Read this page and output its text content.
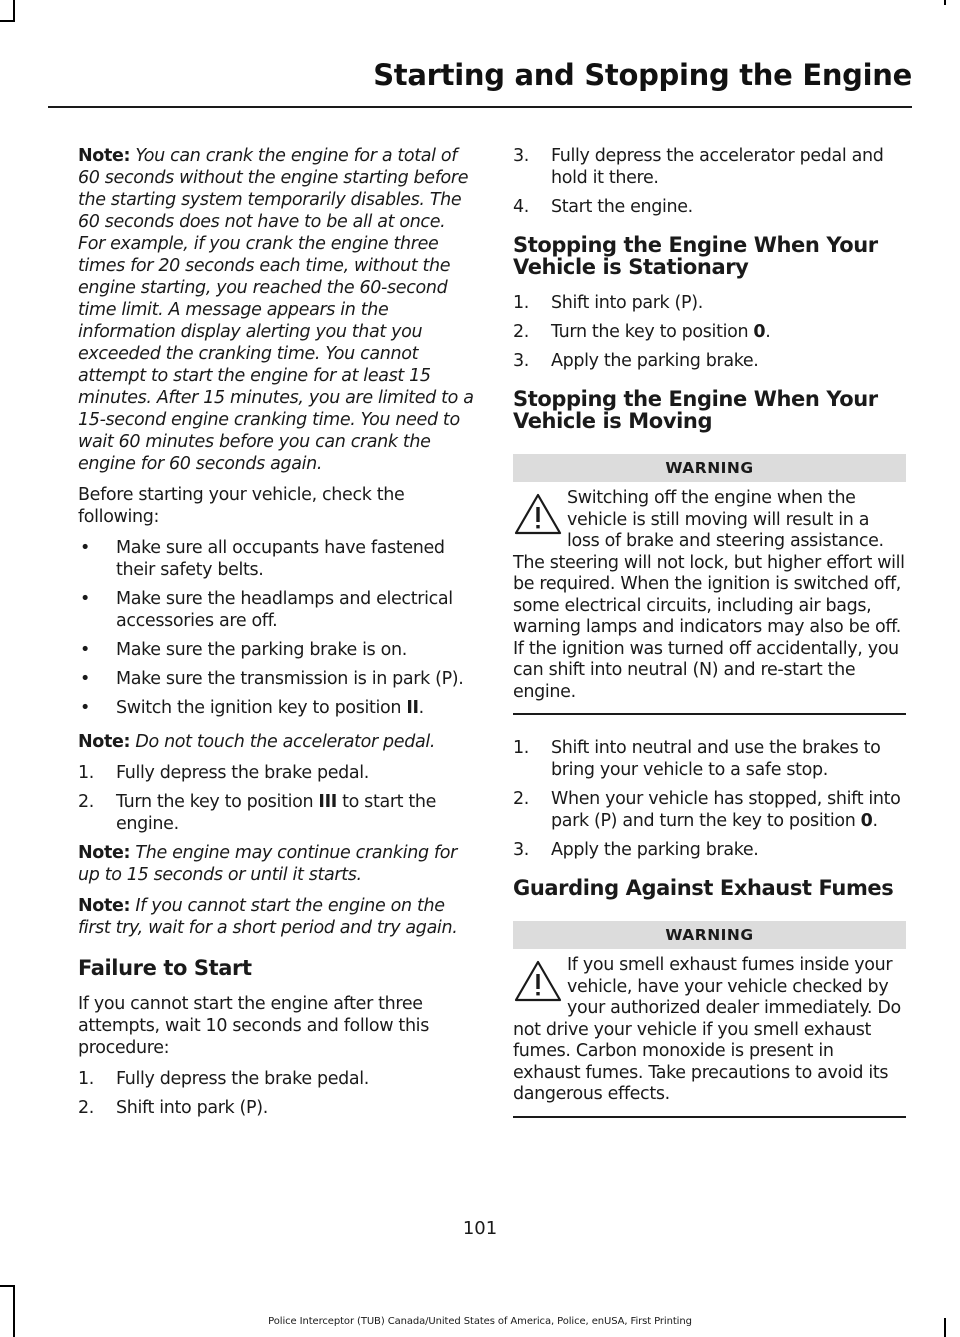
Starting and Stopping the Engine

Note: You can crank the engine for a total of 60 seconds without the engine starting before the starting system temporarily disables. The 60 seconds does not have to be all at once. For example, if you crank the engine three times for 20 seconds each time, without the engine starting, you reached the 60-second time limit. A message appears in the information display alerting you that you exceeded the cranking time. You cannot attempt to start the engine for at least 15 minutes. After 15 minutes, you are limited to a 15-second engine cranking time. You need to wait 60 minutes before you can crank the engine for 60 seconds again.

Before starting your vehicle, check the following:

• Make sure all occupants have fastened their safety belts.
• Make sure the headlamps and electrical accessories are off.
• Make sure the parking brake is on.
• Make sure the transmission is in park (P).
• Switch the ignition key to position II.

Note: Do not touch the accelerator pedal.

1. Fully depress the brake pedal.
2. Turn the key to position III to start the engine.

Note: The engine may continue cranking for up to 15 seconds or until it starts.

Note: If you cannot start the engine on the first try, wait for a short period and try again.

Failure to Start

If you cannot start the engine after three attempts, wait 10 seconds and follow this procedure:

1. Fully depress the brake pedal.
2. Shift into park (P).
3. Fully depress the accelerator pedal and hold it there.
4. Start the engine.
Stopping the Engine When Your Vehicle is Stationary
1. Shift into park (P).
2. Turn the key to position 0.
3. Apply the parking brake.
Stopping the Engine When Your Vehicle is Moving
WARNING
Switching off the engine when the vehicle is still moving will result in a loss of brake and steering assistance. The steering will not lock, but higher effort will be required. When the ignition is switched off, some electrical circuits, including air bags, warning lamps and indicators may also be off. If the ignition was turned off accidentally, you can shift into neutral (N) and re-start the engine.
1. Shift into neutral and use the brakes to bring your vehicle to a safe stop.
2. When your vehicle has stopped, shift into park (P) and turn the key to position 0.
3. Apply the parking brake.
Guarding Against Exhaust Fumes
WARNING
If you smell exhaust fumes inside your vehicle, have your vehicle checked by your authorized dealer immediately. Do not drive your vehicle if you smell exhaust fumes. Carbon monoxide is present in exhaust fumes. Take precautions to avoid its dangerous effects.
101
Police Interceptor (TUB) Canada/United States of America, Police, enUSA, First Printing
